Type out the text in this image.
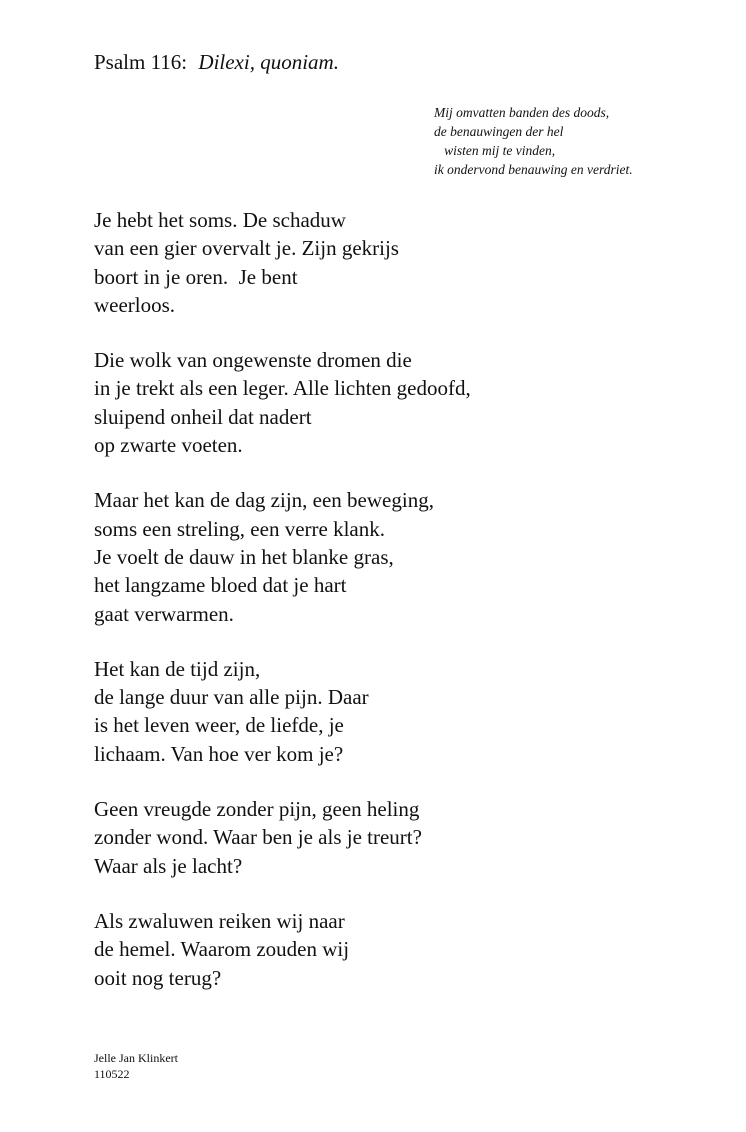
Psalm 116: Dilexi, quoniam.
Mij omvatten banden des doods,
de benauwingen der hel
wisten mij te vinden,
ik ondervond benauwing en verdriet.
Je hebt het soms. De schaduw
van een gier overvalt je. Zijn gekrijs
boort in je oren.  Je bent
weerloos.
Die wolk van ongewenste dromen die
in je trekt als een leger. Alle lichten gedoofd,
sluipend onheil dat nadert
op zwarte voeten.
Maar het kan de dag zijn, een beweging,
soms een streling, een verre klank.
Je voelt de dauw in het blanke gras,
het langzame bloed dat je hart
gaat verwarmen.
Het kan de tijd zijn,
de lange duur van alle pijn. Daar
is het leven weer, de liefde, je
lichaam. Van hoe ver kom je?
Geen vreugde zonder pijn, geen heling
zonder wond. Waar ben je als je treurt?
Waar als je lacht?
Als zwaluwen reiken wij naar
de hemel. Waarom zouden wij
ooit nog terug?
Jelle Jan Klinkert
110522
